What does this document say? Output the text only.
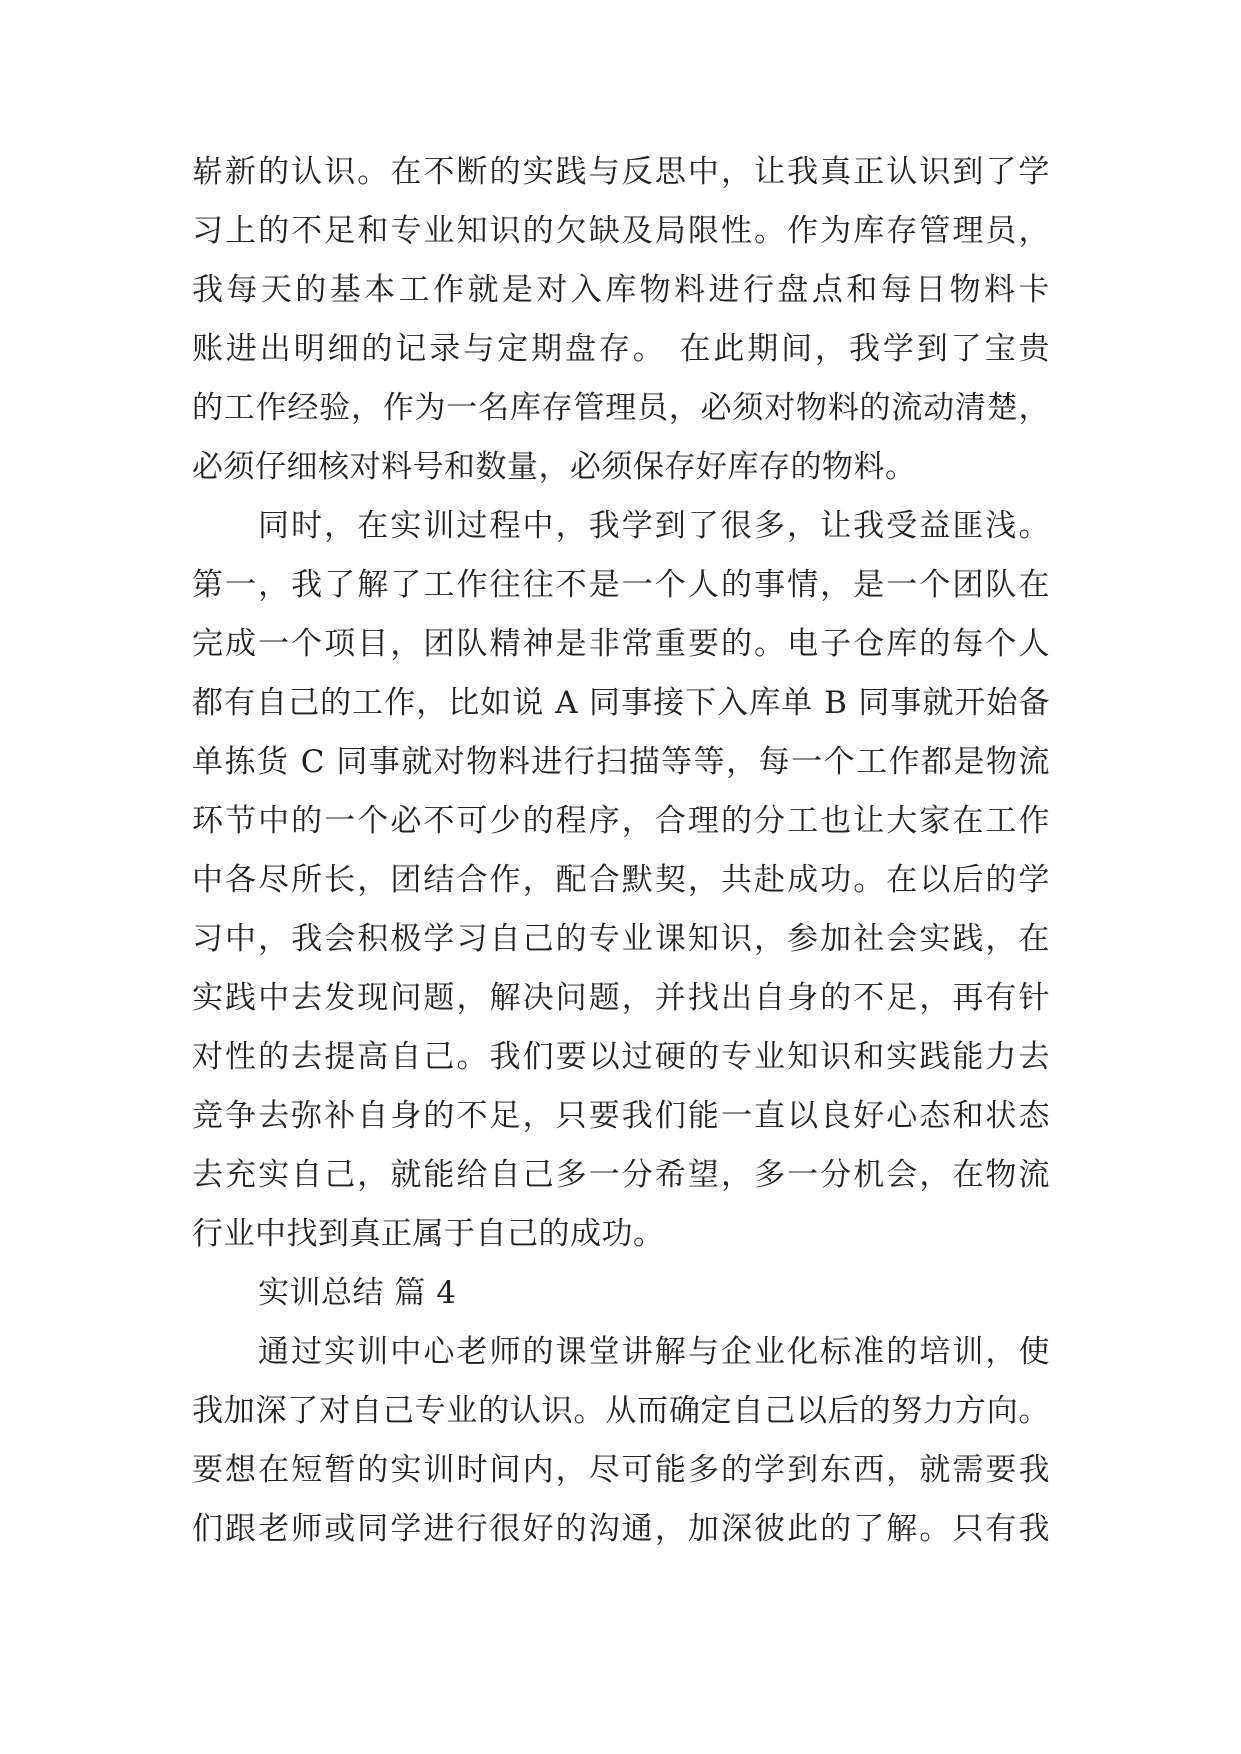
崭新的认识。在不断的实践与反思中，让我真正认识到了学
习上的不足和专业知识的欠缺及局限性。作为库存管理员，
我每天的基本工作就是对入库物料进行盘点和每日物料卡
账进出明细的记录与定期盘存。 在此期间，我学到了宝贵
的工作经验，作为一名库存管理员，必须对物料的流动清楚，
必须仔细核对料号和数量，必须保存好库存的物料。
同时，在实训过程中，我学到了很多，让我受益匪浅。
第一，我了解了工作往往不是一个人的事情，是一个团队在
完成一个项目，团队精神是非常重要的。电子仓库的每个人
都有自己的工作，比如说 A 同事接下入库单 B 同事就开始备
单拣货 C 同事就对物料进行扫描等等，每一个工作都是物流
环节中的一个必不可少的程序，合理的分工也让大家在工作
中各尽所长，团结合作，配合默契，共赴成功。在以后的学
习中，我会积极学习自己的专业课知识，参加社会实践，在
实践中去发现问题，解决问题，并找出自身的不足，再有针
对性的去提高自己。我们要以过硬的专业知识和实践能力去
竞争去弥补自身的不足，只要我们能一直以良好心态和状态
去充实自己，就能给自己多一分希望，多一分机会，在物流
行业中找到真正属于自己的成功。
实训总结 篇 4
通过实训中心老师的课堂讲解与企业化标准的培训，使
我加深了对自己专业的认识。从而确定自己以后的努力方向。
要想在短暂的实训时间内，尽可能多的学到东西，就需要我
们跟老师或同学进行很好的沟通，加深彼此的了解。只有我
